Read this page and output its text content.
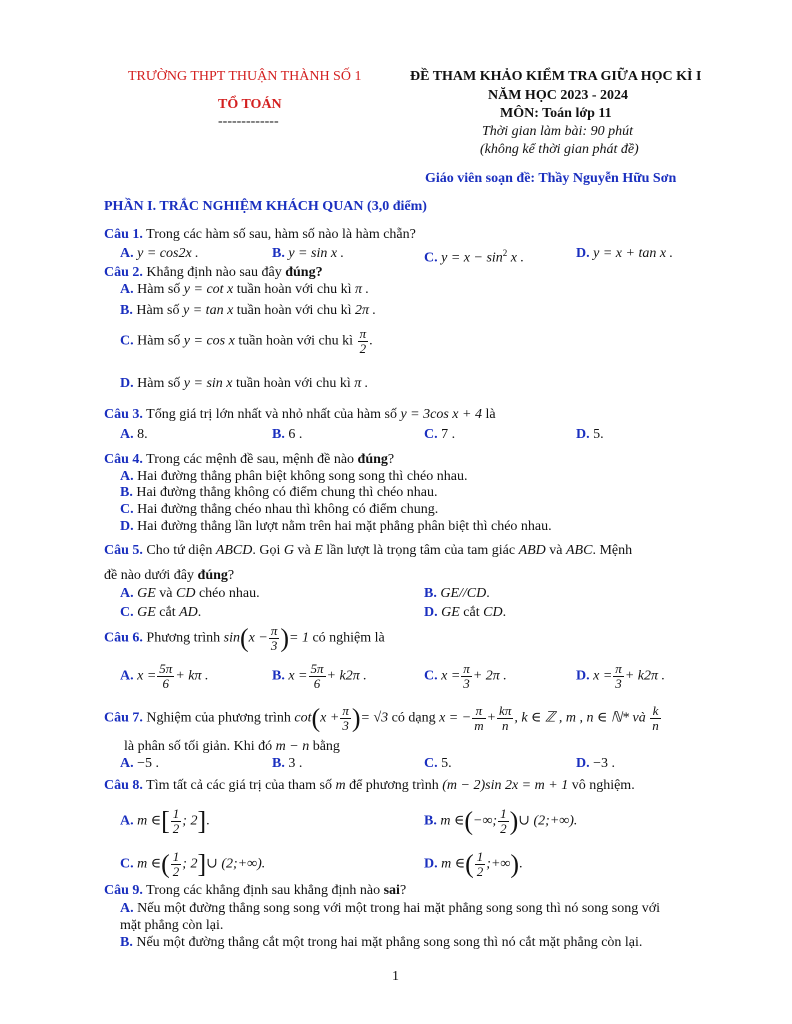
TRƯỜNG THPT THUẬN THÀNH SỐ 1
TỔ TOÁN
-------------
ĐỀ THAM KHẢO KIỂM TRA GIỮA HỌC KÌ I
NĂM HỌC 2023 - 2024
MÔN: Toán lớp 11
Thời gian làm bài: 90 phút
(không kể thời gian phát đề)
Giáo viên soạn đề: Thầy Nguyễn Hữu Sơn
PHẦN I. TRẮC NGHIỆM KHÁCH QUAN (3,0 điểm)
Câu 1. Trong các hàm số sau, hàm số nào là hàm chẵn?
A. y = cos2x .	B. y = sin x .	C. $y = x - \sin^2 x$ .	D. y = x + tan x .
Câu 2. Khẳng định nào sau đây đúng?
A. Hàm số y = cot x tuần hoàn với chu kì π .
B. Hàm số y = tan x tuần hoàn với chu kì 2π .
C. Hàm số y = cos x tuần hoàn với chu kì $\frac{\pi}{2}$ .
D. Hàm số y = sin x tuần hoàn với chu kì π .
Câu 3. Tổng giá trị lớn nhất và nhỏ nhất của hàm số y = 3cos x + 4 là
A. 8.	B. 6 .	C. 7 .	D. 5.
Câu 4. Trong các mệnh đề sau, mệnh đề nào đúng?
A. Hai đường thẳng phân biệt không song song thì chéo nhau.
B. Hai đường thẳng không có điểm chung thì chéo nhau.
C. Hai đường thẳng chéo nhau thì không có điểm chung.
D. Hai đường thẳng lần lượt nằm trên hai mặt phẳng phân biệt thì chéo nhau.
Câu 5. Cho tứ diện ABCD. Gọi G và E lần lượt là trọng tâm của tam giác ABD và ABC. Mệnh
đề nào dưới đây đúng?
A. GE và CD chéo nhau.	B. GE//CD.
C. GE cắt AD.	D. GE cắt CD.
Câu 6. Phương trình $\sin(x - \frac{\pi}{3}$ )= 1 có nghiệm là
A. $x = \frac{5\pi}{6} + k\pi$ .	B. $x = \frac{5\pi}{6} + k2\pi$ .	C. $x = \frac{\pi}{3} + 2\pi$ .	D. $x = \frac{\pi}{3} + k2\pi$ .
Câu 7. Nghiệm của phương trình $\cot(x + \frac{\pi}{3}$ )= √3 có dạng x = − $\frac{\pi}{m} + \frac{k\pi}{n}$ , k ∈ ℤ , m , n ∈ ℕ* và $\frac{k}{n}$
là phân số tối giản. Khi đó m − n bằng
A. −5 .	B. 3 .	C. 5.	D. −3 .
Câu 8. Tìm tất cả các giá trị của tham số m để phương trình (m − 2)sin 2x = m + 1 vô nghiệm.
A. m ∈[ $\frac{1}{2}$ ; 2].	B. m ∈(−∞; $\frac{1}{2}$ )∪ (2;+∞).
C. m ∈( $\frac{1}{2}$ ; 2]∪ (2;+∞).	D. m ∈( $\frac{1}{2}$ ;+∞).
Câu 9. Trong các khẳng định sau khẳng định nào sai?
A. Nếu một đường thẳng song song với một trong hai mặt phẳng song song thì nó song song với
mặt phẳng còn lại.
B. Nếu một đường thẳng cắt một trong hai mặt phẳng song song thì nó cắt mặt phẳng còn lại.
1
